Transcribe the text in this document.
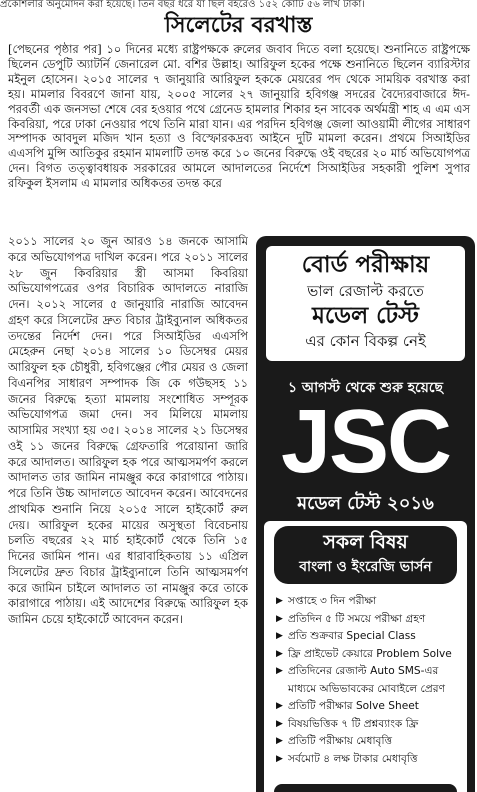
প্রকৌশলীর অনুমোদন করা হয়েছে। তিন বছর ধরে যা ছিল বহরেও ১৫২ কোটি ৫৬ লাখ টাকা।
সিলেটের বরখাস্ত
[পেছনের পৃষ্ঠার পর] ১০ দিনের মধ্যে রাষ্ট্রপক্ষকে রুলের জবাব দিতে বলা হয়েছে। শুনানিতে রাষ্ট্রপক্ষে ছিলেন ডেপুটি অ্যাটর্নি জেনারেল মো. বশির উল্লাহ। আরিফুল হকের পক্ষে শুনানিতে ছিলেন ব্যারিস্টার মইনুল হোসেন। ২০১৫ সালের ৭ জানুয়ারি আরিফুল হককে মেয়রের পদ থেকে সাময়িক বরখাস্ত করা হয়। মামলার বিবরণে জানা যায়, ২০০৫ সালের ২৭ জানুয়ারি হবিগঞ্জ সদরের বৈদ্যেরবাজারে ঈদ-পরবর্তী এক জনসভা শেষে বের হওয়ার পথে গ্রেনেড হামলার শিকার হন সাবেক অর্থমন্ত্রী শাহ এ এম এস কিবরিয়া, পরে ঢাকা নেওয়ার পথে তিনি মারা যান। এর পরদিন হবিগঞ্জ জেলা আওয়ামী লীগের সাধারণ সম্পাদক আবদুল মজিদ খান হত্যা ও বিস্ফোরকদ্রব্য আইনে দুটি মামলা করেন। প্রথমে সিআইডির এএসপি মুন্সি আতিকুর রহমান মামলাটি তদন্ত করে ১০ জনের বিরুদ্ধে ওই বছরের ২০ মার্চ অভিযোগপত্র দেন। বিগত তত্ত্বাবধায়ক সরকারের আমলে আদালতের নির্দেশে সিআইডির সহকারী পুলিশ সুপার রফিকুল ইসলাম এ মামলার অধিকতর তদন্ত করে
২০১১ সালের ২০ জুন আরও ১৪ জনকে আসামি করে অভিযোগপত্র দাখিল করেন। পরে ২০১১ সালের ২৮ জুন কিবরিয়ার স্ত্রী আসমা কিবরিয়া অভিযোগপত্রের ওপর বিচারিক আদালতে নারাজি দেন। ২০১২ সালের ৫ জানুয়ারি নারাজি আবেদন গ্রহণ করে সিলেটের দ্রুত বিচার ট্রাইব্যুনাল অধিকতর তদন্তের নির্দেশ দেন। পরে সিআইডির এএসপি মেহেরুন নেছা ২০১৪ সালের ১০ ডিসেম্বর মেয়র আরিফুল হক চৌধুরী, হবিগঞ্জের পৌর মেয়র ও জেলা বিএনপির সাধারণ সম্পাদক জি কে গউছসহ ১১ জনের বিরুদ্ধে হত্যা মামলায় সংশোধিত সম্পূরক অভিযোগপত্র জমা দেন। সব মিলিয়ে মামলায় আসামির সংখ্যা হয় ৩৫। ২০১৪ সালের ২১ ডিসেম্বর ওই ১১ জনের বিরুদ্ধে গ্রেফতারি পরোয়ানা জারি করে আদালত। আরিফুল হক পরে আত্মসমর্পণ করলে আদালত তার জামিন নামঞ্জুর করে কারাগারে পাঠায়। পরে তিনি উচ্চ আদালতে আবেদন করেন। আবেদনের প্রাথমিক শুনানি নিয়ে ২০১৫ সালে হাইকোর্ট রুল দেয়। আরিফুল হকের মায়ের অসুস্থতা বিবেচনায় চলতি বছরের ২২ মার্চ হাইকোর্ট থেকে তিনি ১৫ দিনের জামিন পান। এর ধারাবাহিকতায় ১১ এপ্রিল সিলেটের দ্রুত বিচার ট্রাইব্যুনালে তিনি আত্মসমর্পণ করে জামিন চাইলে আদালত তা নামঞ্জুর করে তাকে কারাগারে পাঠায়। এই আদেশের বিরুদ্ধে আরিফুল হক জামিন চেয়ে হাইকোর্টে আবেদন করেন।
বোর্ড পরীক্ষায়
ভাল রেজাল্ট করতে
মডেল টেস্ট
এর কোন বিকল্প নেই
১ আগস্ট থেকে শুরু হয়েছে
JSC
মডেল টেস্ট ২০১৬
সকল বিষয়
বাংলা ও ইংরেজি ভার্সন
▶ সপ্তাহে ৩ দিন পরীক্ষা
▶ প্রতিদিন ৫ টি সময়ে পরীক্ষা গ্রহণ
▶ প্রতি শুক্রবার Special Class
▶ ফ্রি প্রাইভেট কেয়ারে Problem Solve
▶ প্রতিদিনের রেজাল্ট Auto SMS-এর
মাধ্যমে অভিভাবকের মোবাইলে প্রেরণ
▶ প্রতিটি পরীক্ষার Solve Sheet
▶ বিষয়ভিত্তিক ৭ টি প্রশ্নব্যাংক ফ্রি
▶ প্রতিটি পরীক্ষায় মেধাবৃত্তি
▶ সর্বমোট ৪ লক্ষ টাকার মেধাবৃত্তি
